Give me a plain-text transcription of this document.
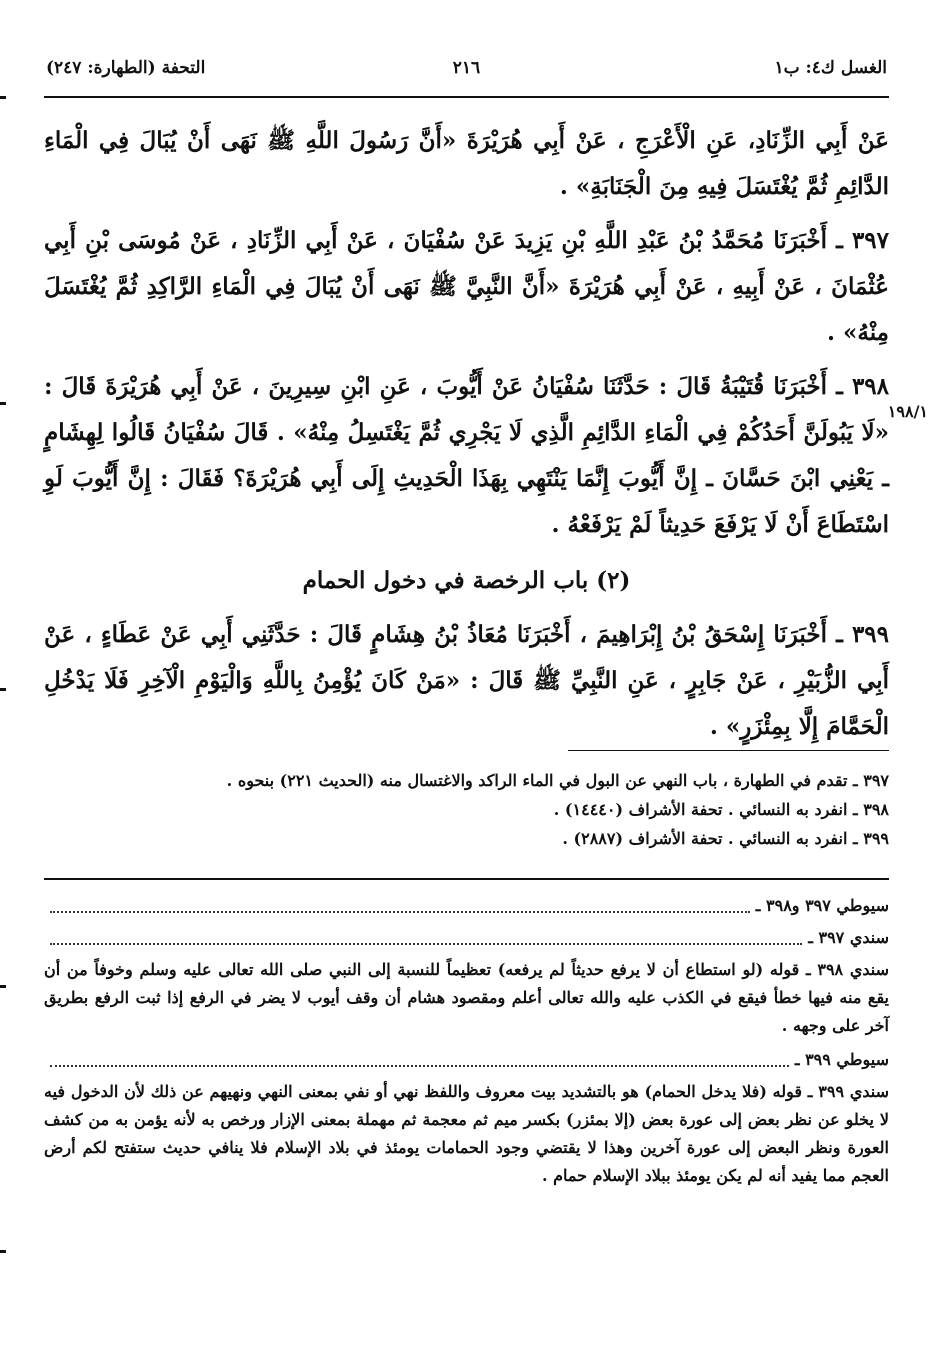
الغسل ك٤: ب١
٢١٦
التحفة (الطهارة: ٢٤٧)
١٩٨/١

عَنْ أَبِي الزِّنَادِ، عَنِ الْأَعْرَجِ ، عَنْ أَبِي هُرَيْرَةَ «أَنَّ رَسُولَ اللَّهِ ﷺ نَهَى أَنْ يُبَالَ فِي الْمَاءِ الدَّائِمِ ثُمَّ يُغْتَسَلَ فِيهِ مِنَ الْجَنَابَةِ» .

٣٩٧ ـ أَخْبَرَنَا مُحَمَّدُ بْنُ عَبْدِ اللَّهِ بْنِ يَزِيدَ عَنْ سُفْيَانَ ، عَنْ أَبِي الزِّنَادِ ، عَنْ مُوسَى بْنِ أَبِي عُثْمَانَ ، عَنْ أَبِيهِ ، عَنْ أَبِي هُرَيْرَةَ «أَنَّ النَّبِيَّ ﷺ نَهَى أَنْ يُبَالَ فِي الْمَاءِ الرَّاكِدِ ثُمَّ يُغْتَسَلَ مِنْهُ» .

٣٩٨ ـ أَخْبَرَنَا قُتَيْبَةُ قَالَ : حَدَّثَنَا سُفْيَانُ عَنْ أَيُّوبَ ، عَنِ ابْنِ سِيرِينَ ، عَنْ أَبِي هُرَيْرَةَ قَالَ : «لَا يَبُولَنَّ أَحَدُكُمْ فِي الْمَاءِ الدَّائِمِ الَّذِي لَا يَجْرِي ثُمَّ يَغْتَسِلُ مِنْهُ» . قَالَ سُفْيَانُ قَالُوا لِهِشَامٍ ـ يَعْنِي ابْنَ حَسَّانَ ـ إِنَّ أَيُّوبَ إِنَّمَا يَنْتَهِي بِهَذَا الْحَدِيثِ إِلَى أَبِي هُرَيْرَةَ؟ فَقَالَ : إِنَّ أَيُّوبَ لَوِ اسْتَطَاعَ أَنْ لَا يَرْفَعَ حَدِيثاً لَمْ يَرْفَعْهُ .

(٢) باب الرخصة في دخول الحمام

٣٩٩ ـ أَخْبَرَنَا إِسْحَقُ بْنُ إِبْرَاهِيمَ ، أَخْبَرَنَا مُعَاذُ بْنُ هِشَامٍ قَالَ : حَدَّثَنِي أَبِي عَنْ عَطَاءٍ ، عَنْ أَبِي الزُّبَيْرِ ، عَنْ جَابِرٍ ، عَنِ النَّبِيِّ ﷺ قَالَ : «مَنْ كَانَ يُؤْمِنُ بِاللَّهِ وَالْيَوْمِ الْآخِرِ فَلَا يَدْخُلِ الْحَمَّامَ إِلَّا بِمِئْزَرٍ» .

٣٩٧ ـ تقدم في الطهارة ، باب النهي عن البول في الماء الراكد والاغتسال منه (الحديث ٢٢١) بنحوه .
٣٩٨ ـ انفرد به النسائي . تحفة الأشراف (١٤٤٤٠) .
٣٩٩ ـ انفرد به النسائي . تحفة الأشراف (٢٨٨٧) .
سيوطي ٣٩٧ و٣٩٨ ـ
سندي ٣٩٧ ـ
سندي ٣٩٨ ـ قوله (لو استطاع أن لا يرفع حديثاً لم يرفعه) تعظيماً للنسبة إلى النبي صلى الله تعالى عليه وسلم وخوفاً من أن يقع منه فيها خطأ فيقع في الكذب عليه والله تعالى أعلم ومقصود هشام أن وقف أيوب لا يضر في الرفع إذا ثبت الرفع بطريق آخر على وجهه .
سيوطي ٣٩٩ ـ
سندي ٣٩٩ ـ قوله (فلا يدخل الحمام) هو بالتشديد بيت معروف واللفظ نهي أو نفي بمعنى النهي ونهيهم عن ذلك لأن الدخول فيه لا يخلو عن نظر بعض إلى عورة بعض (إلا بمئزر) بكسر ميم ثم معجمة ثم مهملة بمعنى الإزار ورخص به لأنه يؤمن به من كشف العورة ونظر البعض إلى عورة آخرين وهذا لا يقتضي وجود الحمامات يومئذ في بلاد الإسلام فلا ينافي حديث ستفتح لكم أرض العجم مما يفيد أنه لم يكن يومئذ ببلاد الإسلام حمام .
